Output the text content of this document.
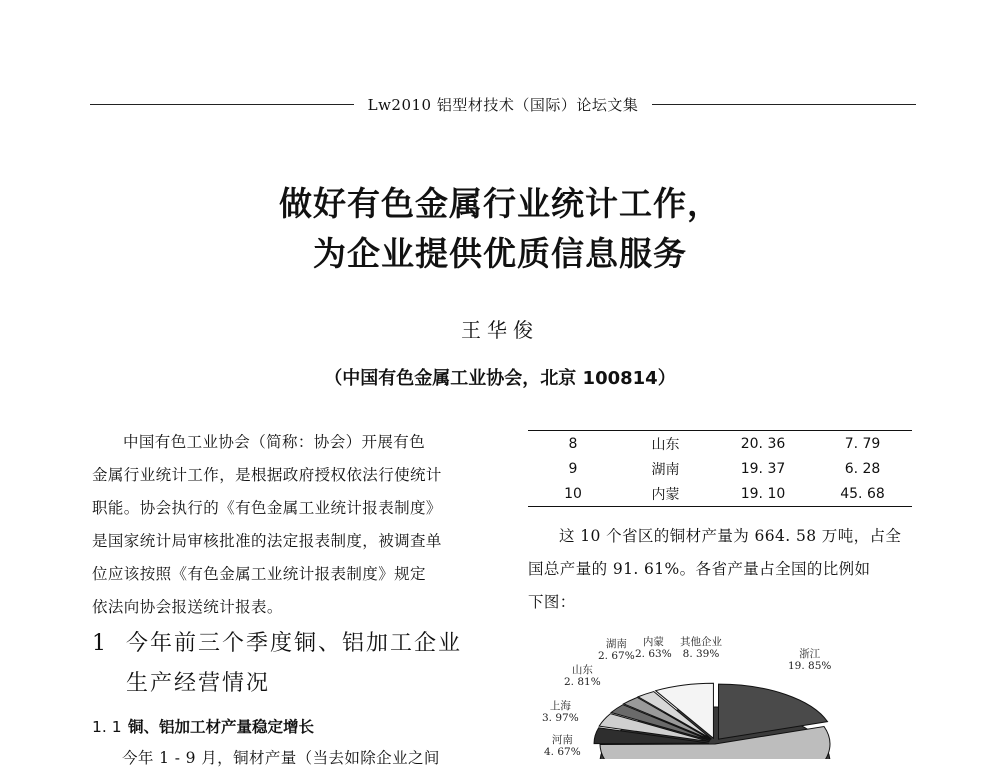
Lw2010 铝型材技术（国际）论坛文集
做好有色金属行业统计工作，
为企业提供优质信息服务
王华俊
（中国有色金属工业协会，北京 100814）

中国有色工业协会（简称：协会）开展有色

金属行业统计工作，是根据政府授权依法行使统计

职能。协会执行的《有色金属工业统计报表制度》

是国家统计局审核批准的法定报表制度，被调查单

位应该按照《有色金属工业统计报表制度》规定

依法向协会报送统计报表。

1 今年前三个季度铜、铝加工企业
生产经营情况
1. 1 铜、铝加工材产量稳定增长
今年 1 - 9 月，铜材产量（当去如除企业之间
8	山东	20. 36	7. 79
9	湖南	19. 37	6. 28
10	内蒙	19. 10	45. 68

这 10 个省区的铜材产量为 664. 58 万吨，占全

国总产量的 91. 61%。各省产量占全国的比例如

下图：

浙江
19. 85%
其他企业
8. 39%
内蒙
2. 63%
湖南
2. 67%
山东
2. 81%
上海
3. 97%
河南
4. 67%
